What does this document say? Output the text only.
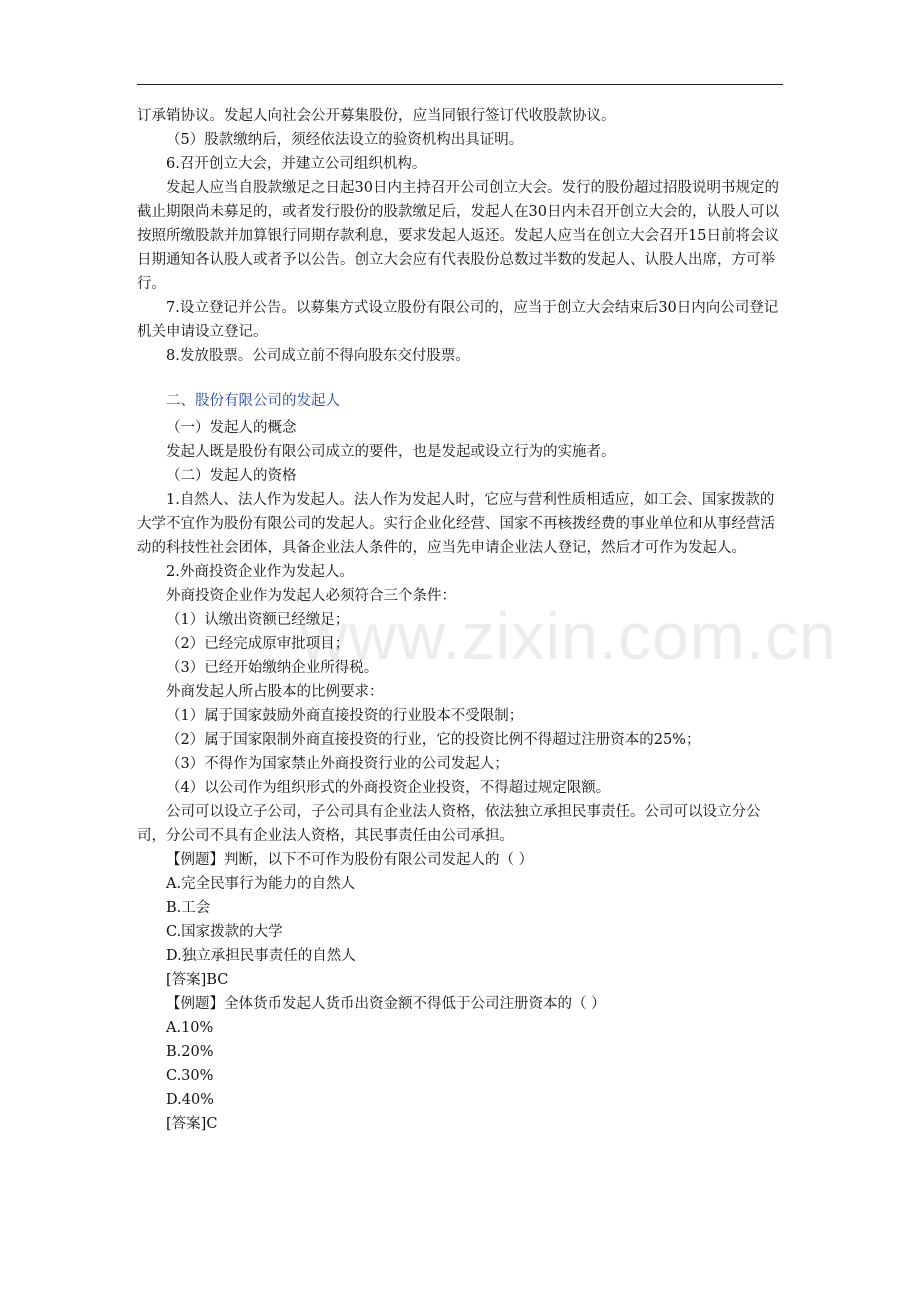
www.zixin.com.cn

订承销协议。发起人向社会公开募集股份，应当同银行签订代收股款协议。

（5）股款缴纳后，须经依法设立的验资机构出具证明。

6.召开创立大会，并建立公司组织机构。

发起人应当自股款缴足之日起30日内主持召开公司创立大会。发行的股份超过招股说明书规定的截止期限尚未募足的，或者发行股份的股款缴足后，发起人在30日内未召开创立大会的，认股人可以按照所缴股款并加算银行同期存款利息，要求发起人返还。发起人应当在创立大会召开15日前将会议日期通知各认股人或者予以公告。创立大会应有代表股份总数过半数的发起人、认股人出席，方可举行。

7.设立登记并公告。以募集方式设立股份有限公司的，应当于创立大会结束后30日内向公司登记机关申请设立登记。

8.发放股票。公司成立前不得向股东交付股票。

二、股份有限公司的发起人

（一）发起人的概念

发起人既是股份有限公司成立的要件，也是发起或设立行为的实施者。

（二）发起人的资格

1.自然人、法人作为发起人。法人作为发起人时，它应与营利性质相适应，如工会、国家拨款的大学不宜作为股份有限公司的发起人。实行企业化经营、国家不再核拨经费的事业单位和从事经营活动的科技性社会团体，具备企业法人条件的，应当先申请企业法人登记，然后才可作为发起人。

2.外商投资企业作为发起人。

外商投资企业作为发起人必须符合三个条件：

（1）认缴出资额已经缴足；

（2）已经完成原审批项目；

（3）已经开始缴纳企业所得税。

外商发起人所占股本的比例要求：

（1）属于国家鼓励外商直接投资的行业股本不受限制；

（2）属于国家限制外商直接投资的行业，它的投资比例不得超过注册资本的25%；

（3）不得作为国家禁止外商投资行业的公司发起人；

（4）以公司作为组织形式的外商投资企业投资，不得超过规定限额。

公司可以设立子公司，子公司具有企业法人资格，依法独立承担民事责任。公司可以设立分公司，分公司不具有企业法人资格，其民事责任由公司承担。

【例题】判断，以下不可作为股份有限公司发起人的（ ）

A.完全民事行为能力的自然人

B.工会

C.国家拨款的大学

D.独立承担民事责任的自然人

[答案]BC

【例题】全体货币发起人货币出资金额不得低于公司注册资本的（ ）

A.10%

B.20%

C.30%

D.40%

[答案]C
